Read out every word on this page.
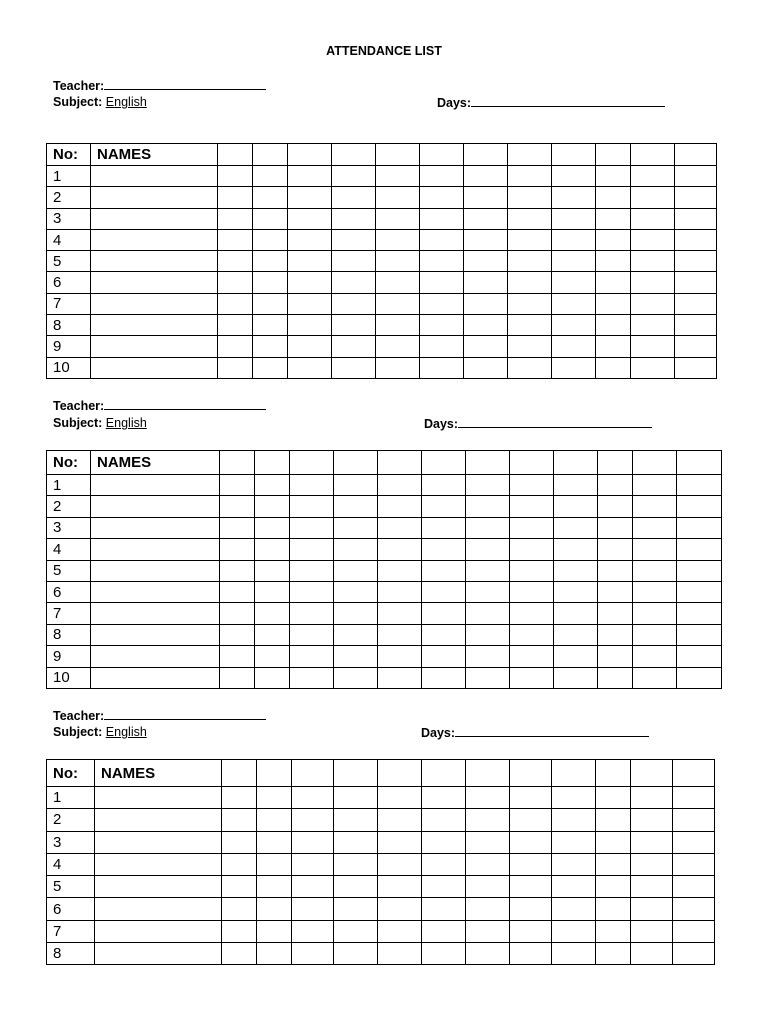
ATTENDANCE LIST
Teacher:
Subject: English	Days:
Teacher:
Subject: English	Days:
Teacher:
Subject: English	Days:
No:	NAMES												
1													
2													
3													
4													
5													
6													
7													
8													
9													
10													
No:	NAMES												
1													
2													
3													
4													
5													
6													
7													
8													
9													
10													
No:	NAMES												
1													
2													
3													
4													
5													
6													
7													
8													
